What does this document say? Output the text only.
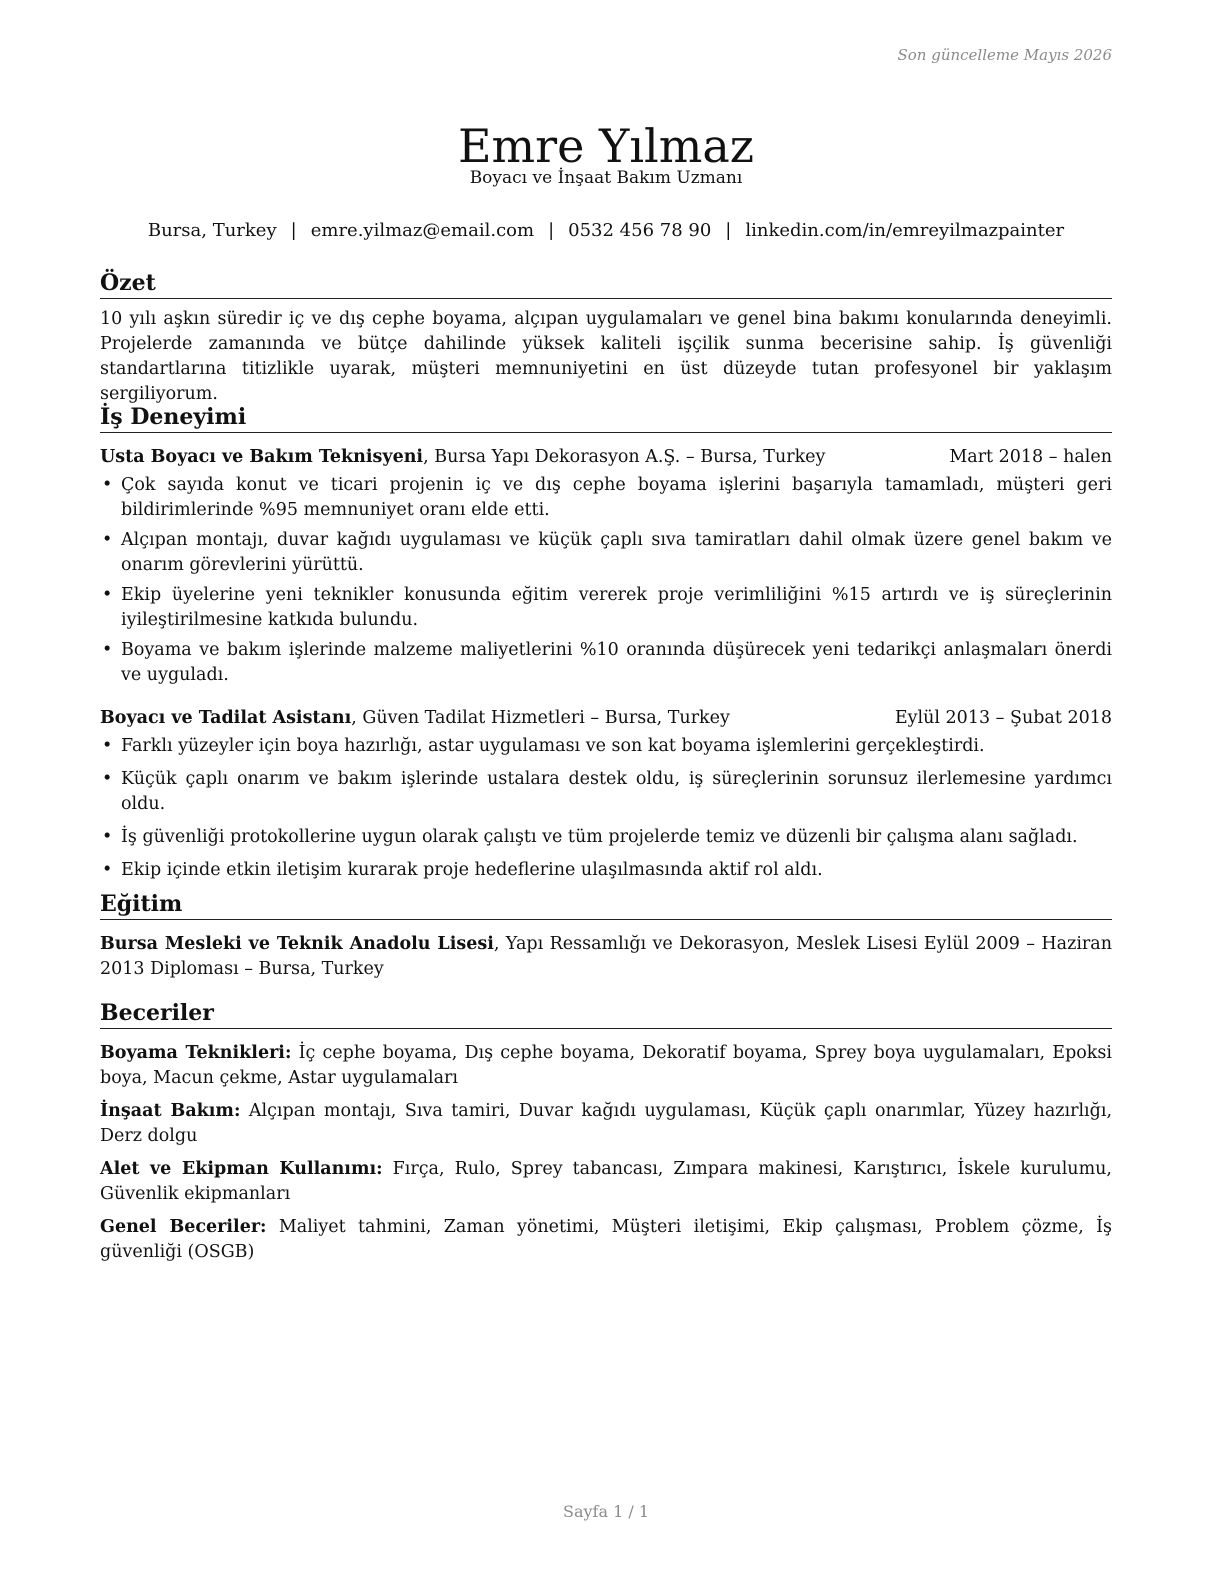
Son güncelleme Mayıs 2026
Emre Yılmaz
Boyacı ve İnşaat Bakım Uzmanı
Bursa, Turkey | emre.yilmaz@email.com | 0532 456 78 90 | linkedin.com/in/emreyilmazpainter
Özet

10 yılı aşkın süredir iç ve dış cephe boyama, alçıpan uygulamaları ve genel bina bakımı konularında deneyimli. Projelerde zamanında ve bütçe dahilinde yüksek kaliteli işçilik sunma becerisine sahip. İş güvenliği standartlarına titizlikle uyarak, müşteri memnuniyetini en üst düzeyde tutan profesyonel bir yaklaşım sergiliyorum.

İş Deneyimi
Usta Boyacı ve Bakım Teknisyeni, Bursa Yapı Dekorasyon A.Ş. – Bursa, Turkey	Mart 2018 – halen
• Çok sayıda konut ve ticari projenin iç ve dış cephe boyama işlerini başarıyla tamamladı, müşteri geri bildirimlerinde %95 memnuniyet oranı elde etti.
• Alçıpan montajı, duvar kağıdı uygulaması ve küçük çaplı sıva tamiratları dahil olmak üzere genel bakım ve onarım görevlerini yürüttü.
• Ekip üyelerine yeni teknikler konusunda eğitim vererek proje verimliliğini %15 artırdı ve iş süreçlerinin iyileştirilmesine katkıda bulundu.
• Boyama ve bakım işlerinde malzeme maliyetlerini %10 oranında düşürecek yeni tedarikçi anlaşmaları önerdi ve uyguladı.
Boyacı ve Tadilat Asistanı, Güven Tadilat Hizmetleri – Bursa, Turkey	Eylül 2013 – Şubat 2018
• Farklı yüzeyler için boya hazırlığı, astar uygulaması ve son kat boyama işlemlerini gerçekleştirdi.
• Küçük çaplı onarım ve bakım işlerinde ustalara destek oldu, iş süreçlerinin sorunsuz ilerlemesine yardımcı oldu.
• İş güvenliği protokollerine uygun olarak çalıştı ve tüm projelerde temiz ve düzenli bir çalışma alanı sağladı.
• Ekip içinde etkin iletişim kurarak proje hedeflerine ulaşılmasında aktif rol aldı.
Eğitim
Bursa Mesleki ve Teknik Anadolu Lisesi, Yapı Ressamlığı ve Dekorasyon, Meslek Lisesi Eylül 2009 – Haziran 2013 Diploması – Bursa, Turkey
Beceriler
Boyama Teknikleri: İç cephe boyama, Dış cephe boyama, Dekoratif boyama, Sprey boya uygulamaları, Epoksi boya, Macun çekme, Astar uygulamaları
İnşaat Bakım: Alçıpan montajı, Sıva tamiri, Duvar kağıdı uygulaması, Küçük çaplı onarımlar, Yüzey hazırlığı, Derz dolgu
Alet ve Ekipman Kullanımı: Fırça, Rulo, Sprey tabancası, Zımpara makinesi, Karıştırıcı, İskele kurulumu, Güvenlik ekipmanları
Genel Beceriler: Maliyet tahmini, Zaman yönetimi, Müşteri iletişimi, Ekip çalışması, Problem çözme, İş güvenliği (OSGB)
Sayfa 1 / 1
